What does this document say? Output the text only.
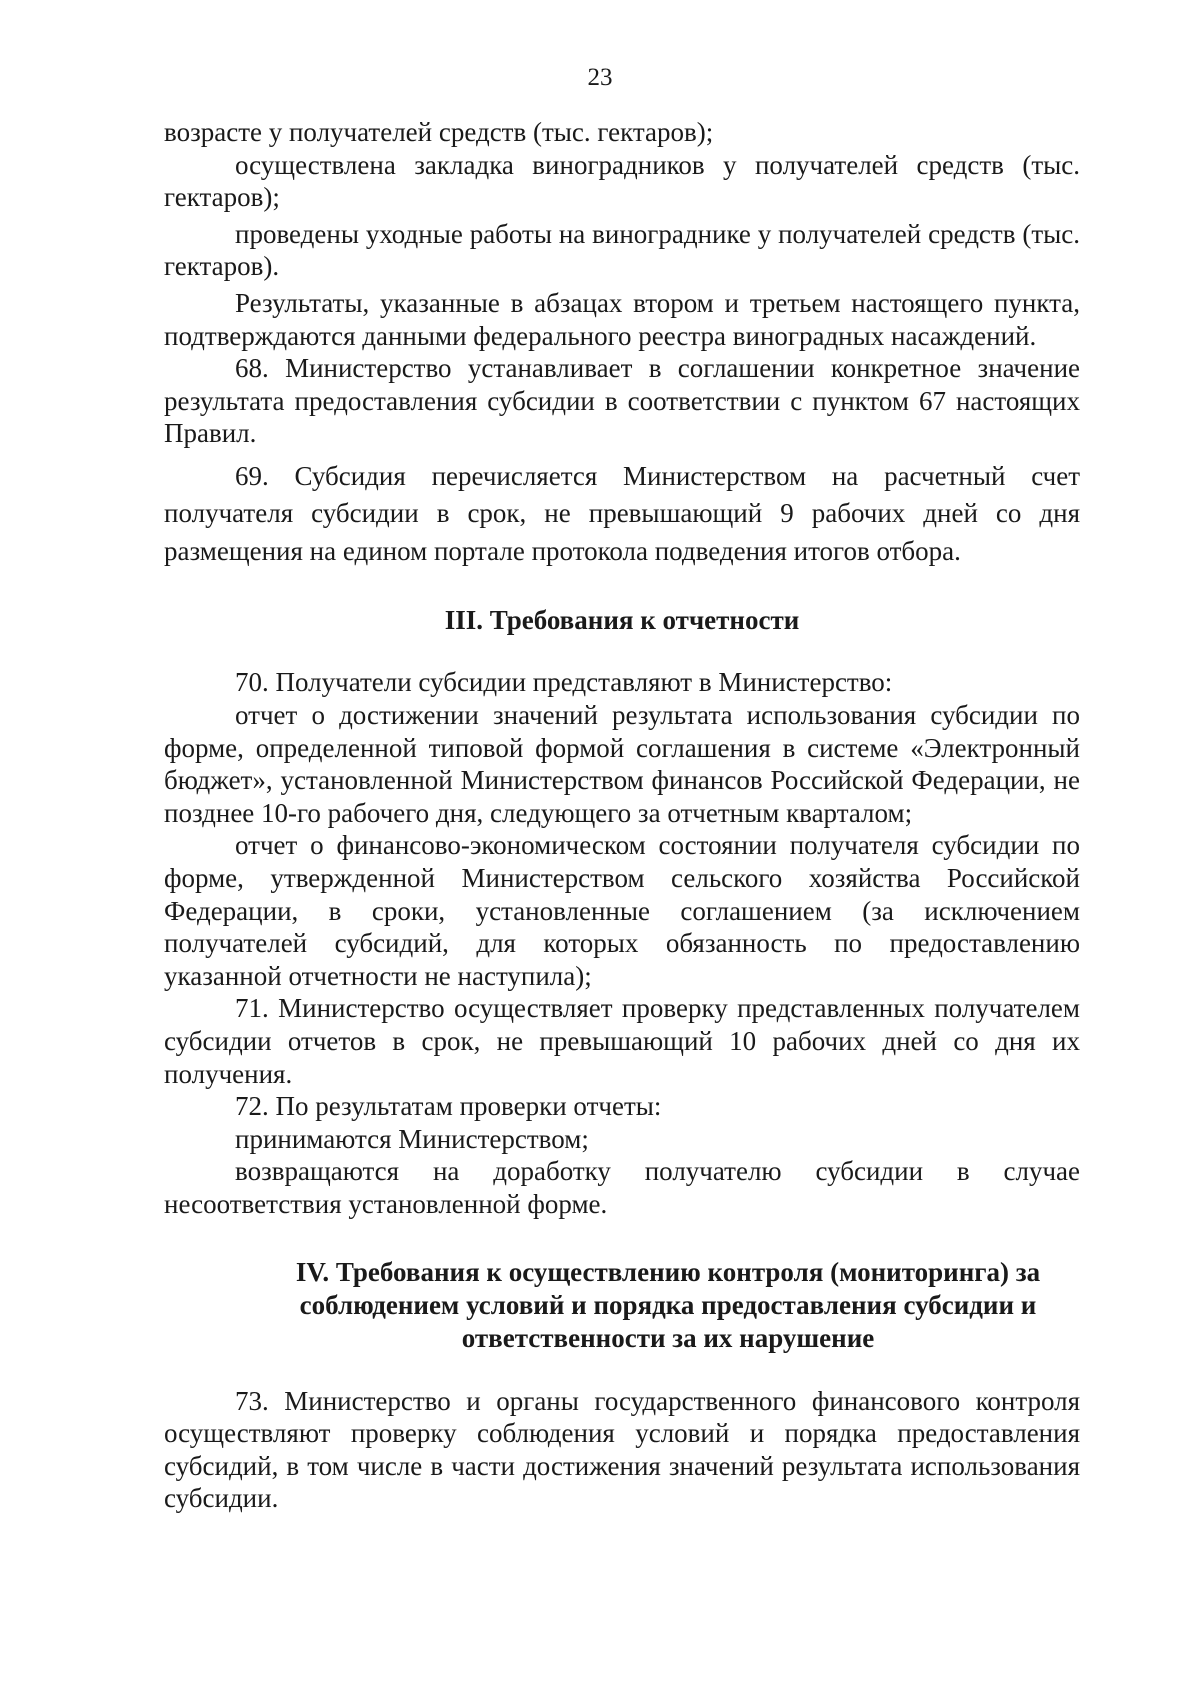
23

возрасте у получателей средств (тыс. гектаров);

осуществлена закладка виноградников у получателей средств (тыс. гектаров);

проведены уходные работы на винограднике у получателей средств (тыс. гектаров).

Результаты, указанные в абзацах втором и третьем настоящего пункта, подтверждаются данными федерального реестра виноградных насаждений.

68. Министерство устанавливает в соглашении конкретное значение результата предоставления субсидии в соответствии с пунктом 67 настоящих Правил.

69. Субсидия перечисляется Министерством на расчетный счет получателя субсидии в срок, не превышающий 9 рабочих дней со дня размещения на едином портале протокола подведения итогов отбора.

III. Требования к отчетности

70. Получатели субсидии представляют в Министерство:

отчет о достижении значений результата использования субсидии по форме, определенной типовой формой соглашения в системе «Электронный бюджет», установленной Министерством финансов Российской Федерации, не позднее 10-го рабочего дня, следующего за отчетным кварталом;

отчет о финансово-экономическом состоянии получателя субсидии по форме, утвержденной Министерством сельского хозяйства Российской Федерации, в сроки, установленные соглашением (за исключением получателей субсидий, для которых обязанность по предоставлению указанной отчетности не наступила);

71. Министерство осуществляет проверку представленных получателем субсидии отчетов в срок, не превышающий 10 рабочих дней со дня их получения.

72. По результатам проверки отчеты:

принимаются Министерством;

возвращаются на доработку получателю субсидии в случае несоответствия установленной форме.

IV. Требования к осуществлению контроля (мониторинга) за
соблюдением условий и порядка предоставления субсидии и
ответственности за их нарушение

73. Министерство и органы государственного финансового контроля осуществляют проверку соблюдения условий и порядка предоставления субсидий, в том числе в части достижения значений результата использования субсидии.
